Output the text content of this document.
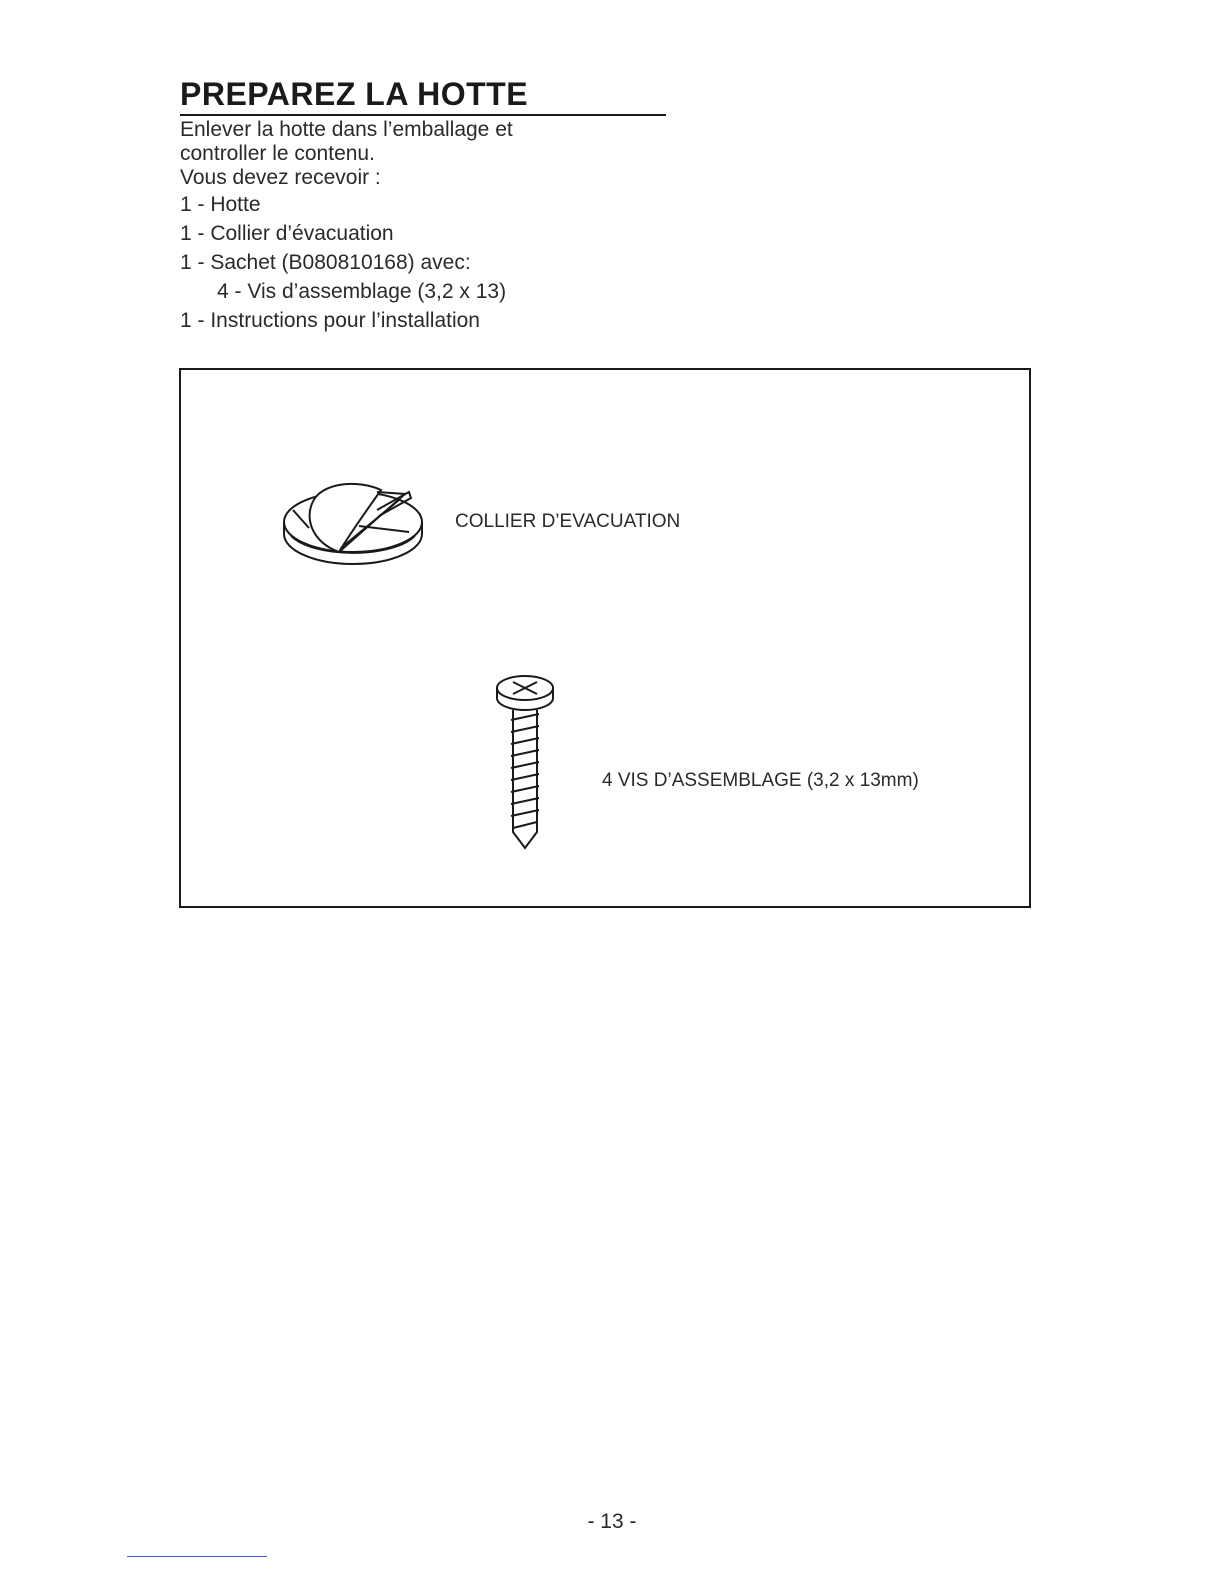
PREPAREZ LA HOTTE
Enlever la hotte dans l’emballage et
controller le contenu.
Vous devez recevoir :
1 - Hotte
1 - Collier d’évacuation
1 - Sachet (B080810168) avec:
4 - Vis d’assemblage (3,2 x 13)
1 - Instructions pour l’installation
COLLIER D’EVACUATION
4 VIS D’ASSEMBLAGE (3,2 x 13mm)
- 13 -
